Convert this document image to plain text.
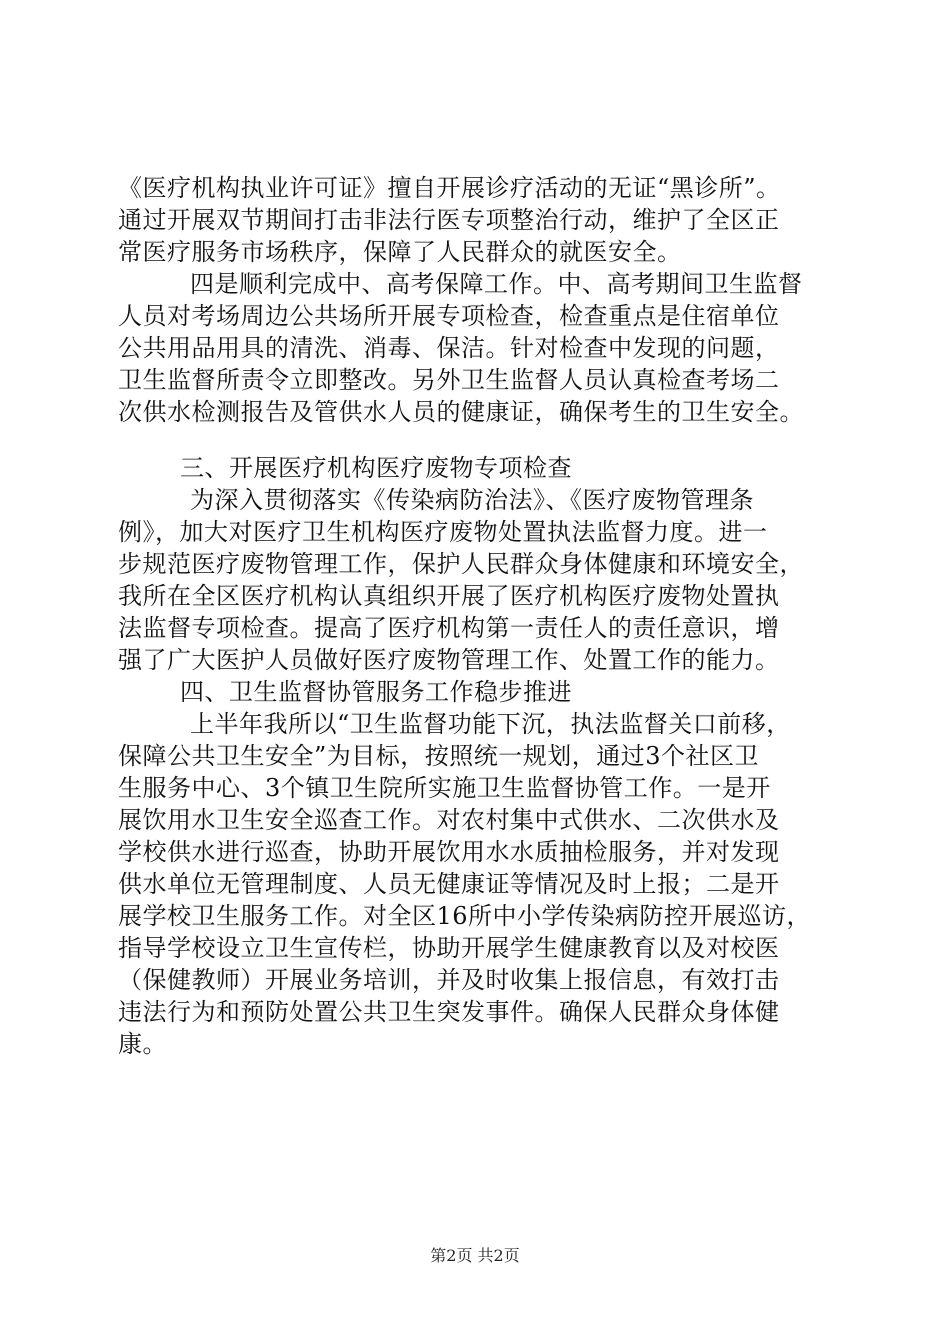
《医疗机构执业许可证》擅自开展诊疗活动的无证“黑诊所”。
通过开展双节期间打击非法行医专项整治行动，维护了全区正
常医疗服务市场秩序，保障了人民群众的就医安全。
四是顺利完成中、高考保障工作。中、高考期间卫生监督
人员对考场周边公共场所开展专项检查，检查重点是住宿单位
公共用品用具的清洗、消毒、保洁。针对检查中发现的问题，
卫生监督所责令立即整改。另外卫生监督人员认真检查考场二
次供水检测报告及管供水人员的健康证，确保考生的卫生安全。
三、开展医疗机构医疗废物专项检查
为深入贯彻落实《传染病防治法》、《医疗废物管理条
例》，加大对医疗卫生机构医疗废物处置执法监督力度。进一
步规范医疗废物管理工作，保护人民群众身体健康和环境安全，
我所在全区医疗机构认真组织开展了医疗机构医疗废物处置执
法监督专项检查。提高了医疗机构第一责任人的责任意识，增
强了广大医护人员做好医疗废物管理工作、处置工作的能力。
四、卫生监督协管服务工作稳步推进
上半年我所以“卫生监督功能下沉，执法监督关口前移，
保障公共卫生安全”为目标，按照统一规划，通过3个社区卫
生服务中心、3个镇卫生院所实施卫生监督协管工作。一是开
展饮用水卫生安全巡查工作。对农村集中式供水、二次供水及
学校供水进行巡查，协助开展饮用水水质抽检服务，并对发现
供水单位无管理制度、人员无健康证等情况及时上报；二是开
展学校卫生服务工作。对全区16所中小学传染病防控开展巡访，
指导学校设立卫生宣传栏，协助开展学生健康教育以及对校医
（保健教师）开展业务培训，并及时收集上报信息，有效打击
违法行为和预防处置公共卫生突发事件。确保人民群众身体健
康。
第2页 共2页
